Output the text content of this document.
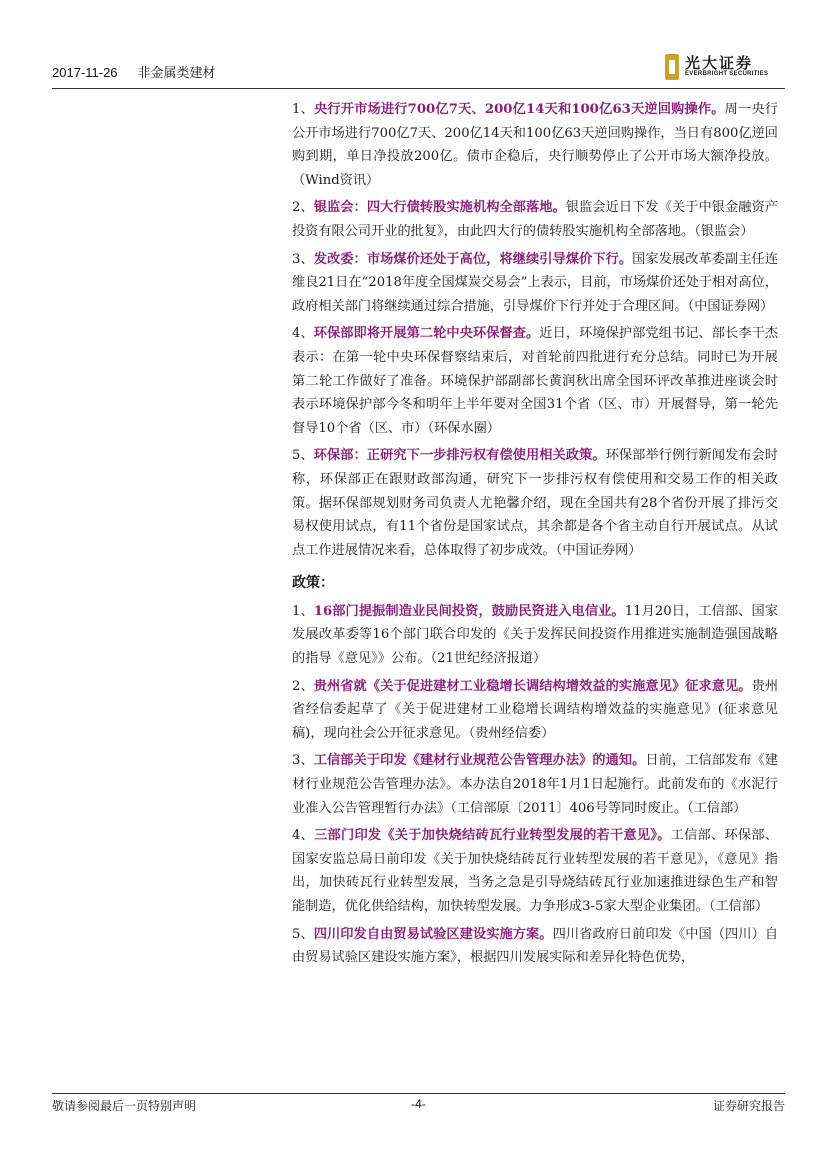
2017-11-26 非金属类建材
光大证券
EVERBRIGHT SECURITIES
1、央行开市场进行700亿7天、200亿14天和100亿63天逆回购操作。周一央行公开市场进行700亿7天、200亿14天和100亿63天逆回购操作，当日有800亿逆回购到期，单日净投放200亿。债市企稳后，央行顺势停止了公开市场大额净投放。（Wind资讯）
2、银监会：四大行债转股实施机构全部落地。银监会近日下发《关于中银金融资产投资有限公司开业的批复》，由此四大行的债转股实施机构全部落地。（银监会）
3、发改委：市场煤价还处于高位，将继续引导煤价下行。国家发展改革委副主任连维良21日在“2018年度全国煤炭交易会”上表示，目前，市场煤价还处于相对高位，政府相关部门将继续通过综合措施，引导煤价下行并处于合理区间。（中国证券网）
4、环保部即将开展第二轮中央环保督查。近日，环境保护部党组书记、部长李干杰表示：在第一轮中央环保督察结束后，对首轮前四批进行充分总结。同时已为开展第二轮工作做好了准备。环境保护部副部长黄润秋出席全国环评改革推进座谈会时表示环境保护部今冬和明年上半年要对全国31个省（区、市）开展督导，第一轮先督导10个省（区、市）（环保水圈）
5、环保部：正研究下一步排污权有偿使用相关政策。环保部举行例行新闻发布会时称，环保部正在跟财政部沟通，研究下一步排污权有偿使用和交易工作的相关政策。据环保部规划财务司负责人尤艳馨介绍，现在全国共有28个省份开展了排污交易权使用试点，有11个省份是国家试点，其余都是各个省主动自行开展试点。从试点工作进展情况来看，总体取得了初步成效。（中国证券网）
政策：
1、16部门提振制造业民间投资，鼓励民资进入电信业。11月20日，工信部、国家发展改革委等16个部门联合印发的《关于发挥民间投资作用推进实施制造强国战略的指导《意见》》公布。（21世纪经济报道）
2、贵州省就《关于促进建材工业稳增长调结构增效益的实施意见》征求意见。贵州省经信委起草了《关于促进建材工业稳增长调结构增效益的实施意见》(征求意见稿)，现向社会公开征求意见。（贵州经信委）
3、工信部关于印发《建材行业规范公告管理办法》的通知。日前，工信部发布《建材行业规范公告管理办法》。本办法自2018年1月1日起施行。此前发布的《水泥行业准入公告管理暂行办法》（工信部原〔2011〕406号等同时废止。（工信部）
4、三部门印发《关于加快烧结砖瓦行业转型发展的若干意见》。工信部、环保部、国家安监总局日前印发《关于加快烧结砖瓦行业转型发展的若干意见》，《意见》指出，加快砖瓦行业转型发展，当务之急是引导烧结砖瓦行业加速推进绿色生产和智能制造，优化供给结构，加快转型发展。力争形成3-5家大型企业集团。（工信部）
5、四川印发自由贸易试验区建设实施方案。四川省政府日前印发《中国（四川）自由贸易试验区建设实施方案》，根据四川发展实际和差异化特色优势，
敬请参阅最后一页特别声明	-4-	证券研究报告
